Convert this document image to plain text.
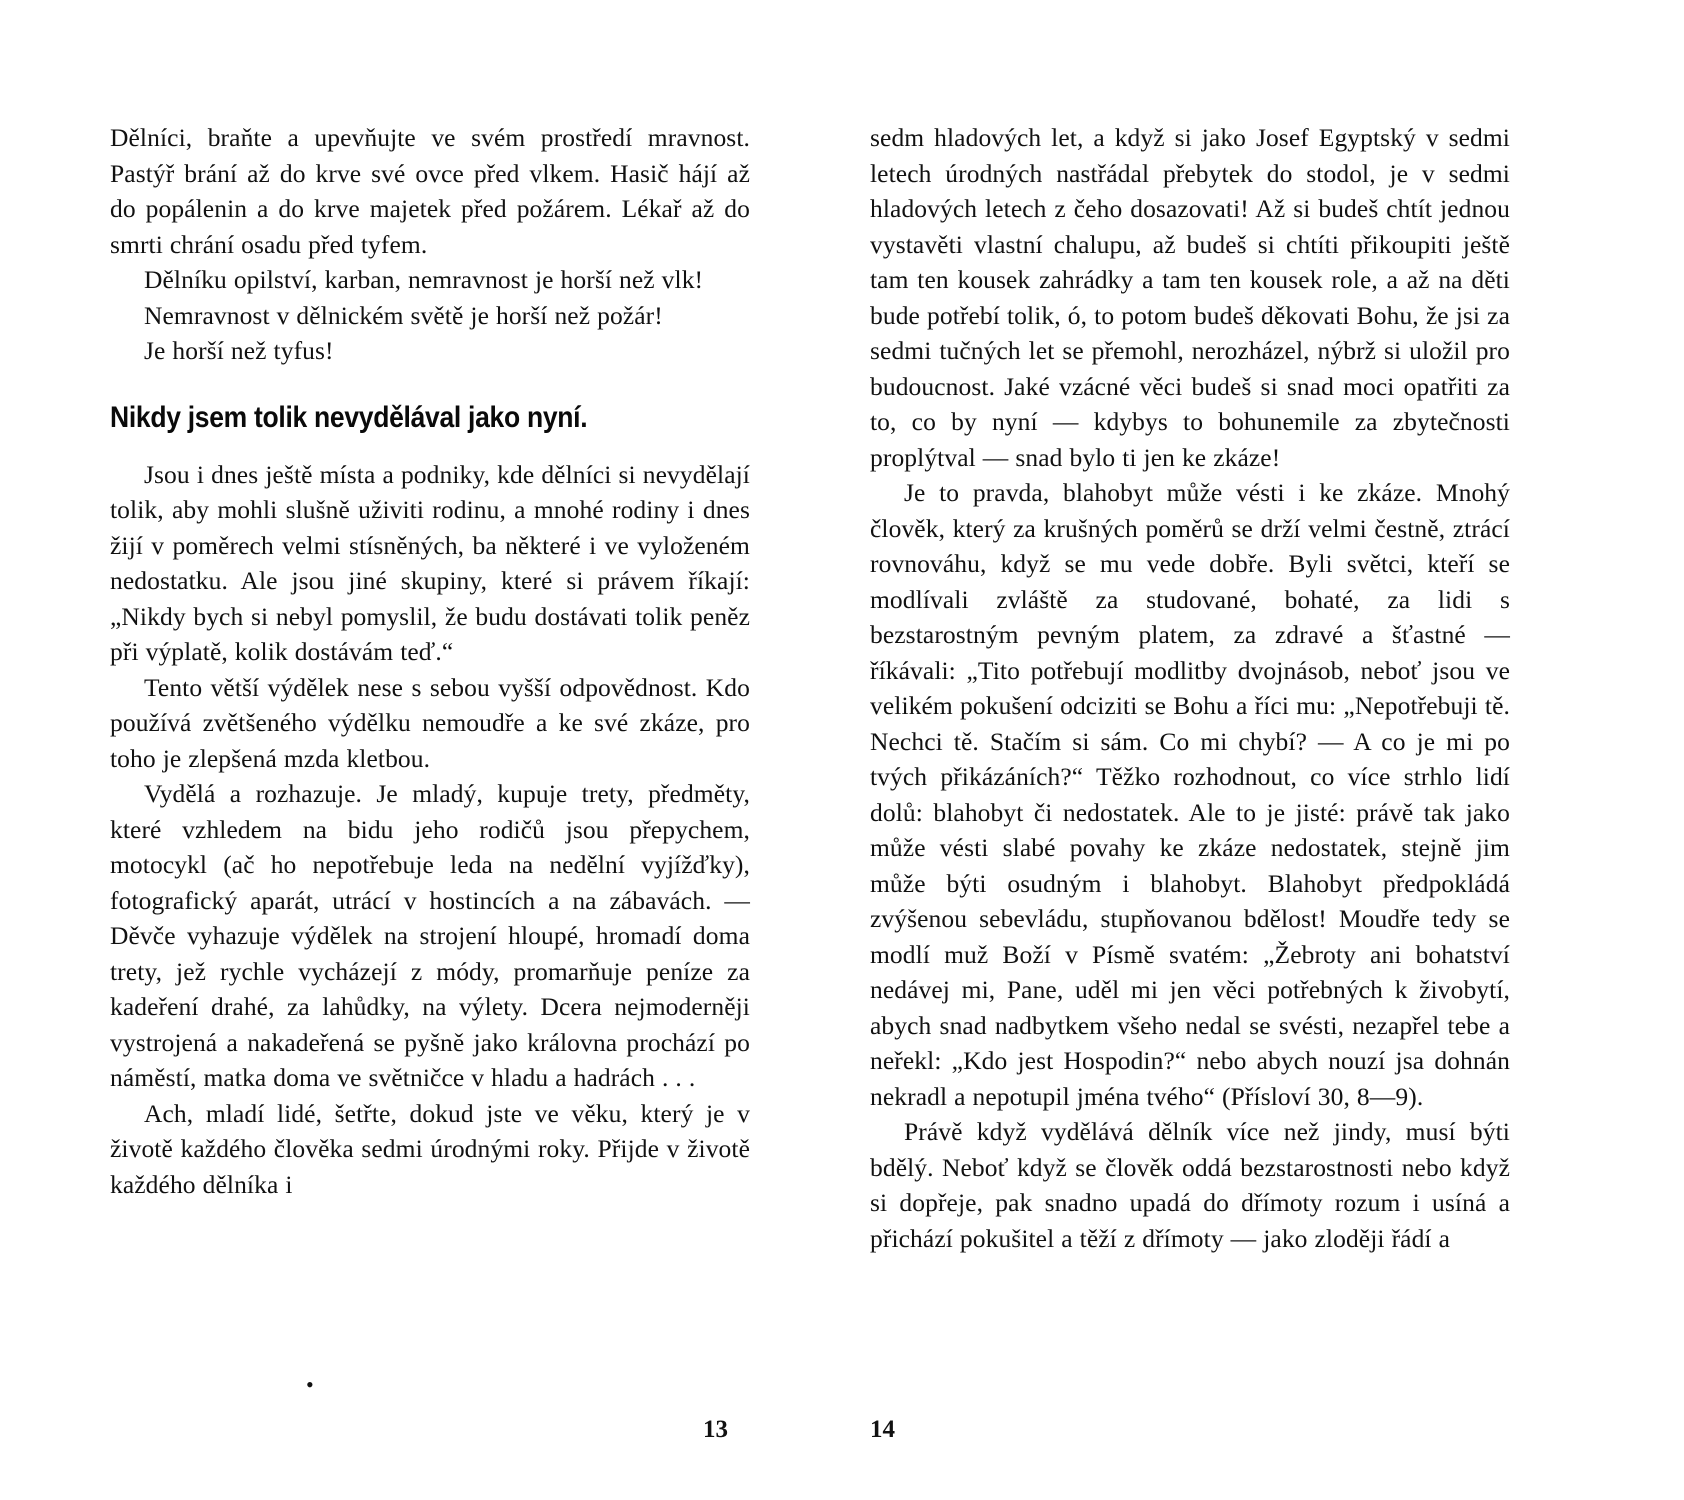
Dělníci, braňte a upevňujte ve svém prostředí mravnost. Pastýř brání až do krve své ovce před vlkem. Hasič hájí až do popálenin a do krve majetek před požárem. Lékař až do smrti chrání osadu před tyfem.

Dělníku opilství, karban, nemravnost je horší než vlk!

Nemravnost v dělnickém světě je horší než požár!

Je horší než tyfus!

Nikdy jsem tolik nevydělával jako nyní.

Jsou i dnes ještě místa a podniky, kde dělníci si nevydělají tolik, aby mohli slušně uživiti rodinu, a mnohé rodiny i dnes žijí v poměrech velmi stísněných, ba některé i ve vyloženém nedostatku. Ale jsou jiné skupiny, které si právem říkají: „Nikdy bych si nebyl pomyslil, že budu dostávati tolik peněz při výplatě, kolik dostávám teď.“

Tento větší výdělek nese s sebou vyšší odpovědnost. Kdo používá zvětšeného výdělku nemoudře a ke své zkáze, pro toho je zlepšená mzda kletbou.

Vydělá a rozhazuje. Je mladý, kupuje trety, předměty, které vzhledem na bidu jeho rodičů jsou přepychem, motocykl (ač ho nepotřebuje leda na nedělní vyjížďky), fotografický aparát, utrácí v hostincích a na zábavách. — Děvče vyhazuje výdělek na strojení hloupé, hromadí doma trety, jež rychle vycházejí z módy, promarňuje peníze za kadeření drahé, za lahůdky, na výlety. Dcera nejmoderněji vystrojená a nakadeřená se pyšně jako královna prochází po náměstí, matka doma ve světničce v hladu a hadrách . . .

Ach, mladí lidé, šetřte, dokud jste ve věku, který je v životě každého člověka sedmi úrodnými roky. Přijde v životě každého dělníka i

•
13

sedm hladových let, a když si jako Josef Egyptský v sedmi letech úrodných nastřádal přebytek do stodol, je v sedmi hladových letech z čeho dosazovati! Až si budeš chtít jednou vystavěti vlastní chalupu, až budeš si chtíti přikoupiti ještě tam ten kousek zahrádky a tam ten kousek role, a až na děti bude potřebí tolik, ó, to potom budeš děkovati Bohu, že jsi za sedmi tučných let se přemohl, nerozházel, nýbrž si uložil pro budoucnost. Jaké vzácné věci budeš si snad moci opatřiti za to, co by nyní — kdybys to bohunemile za zbytečnosti proplýtval — snad bylo ti jen ke zkáze!

Je to pravda, blahobyt může vésti i ke zkáze. Mnohý člověk, který za krušných poměrů se drží velmi čestně, ztrácí rovnováhu, když se mu vede dobře. Byli světci, kteří se modlívali zvláště za studované, bohaté, za lidi s bezstarostným pevným platem, za zdravé a šťastné — říkávali: „Tito potřebují modlitby dvojnásob, neboť jsou ve velikém pokušení odciziti se Bohu a říci mu: „Nepotřebuji tě. Nechci tě. Stačím si sám. Co mi chybí? — A co je mi po tvých přikázáních?“ Těžko rozhodnout, co více strhlo lidí dolů: blahobyt či nedostatek. Ale to je jisté: právě tak jako může vésti slabé povahy ke zkáze nedostatek, stejně jim může býti osudným i blahobyt. Blahobyt předpokládá zvýšenou sebevládu, stupňovanou bdělost! Moudře tedy se modlí muž Boží v Písmě svatém: „Žebroty ani bohatství nedávej mi, Pane, uděl mi jen věci potřebných k živobytí, abych snad nadbytkem všeho nedal se svésti, nezapřel tebe a neřekl: „Kdo jest Hospodin?“ nebo abych nouzí jsa dohnán nekradl a nepotupil jména tvého“ (Přísloví 30, 8—9).

Právě když vydělává dělník více než jindy, musí býti bdělý. Neboť když se člověk oddá bezstarostnosti nebo když si dopřeje, pak snadno upadá do dřímoty rozum i usíná a přichází pokušitel a těží z dřímoty — jako zloději řádí a

14
